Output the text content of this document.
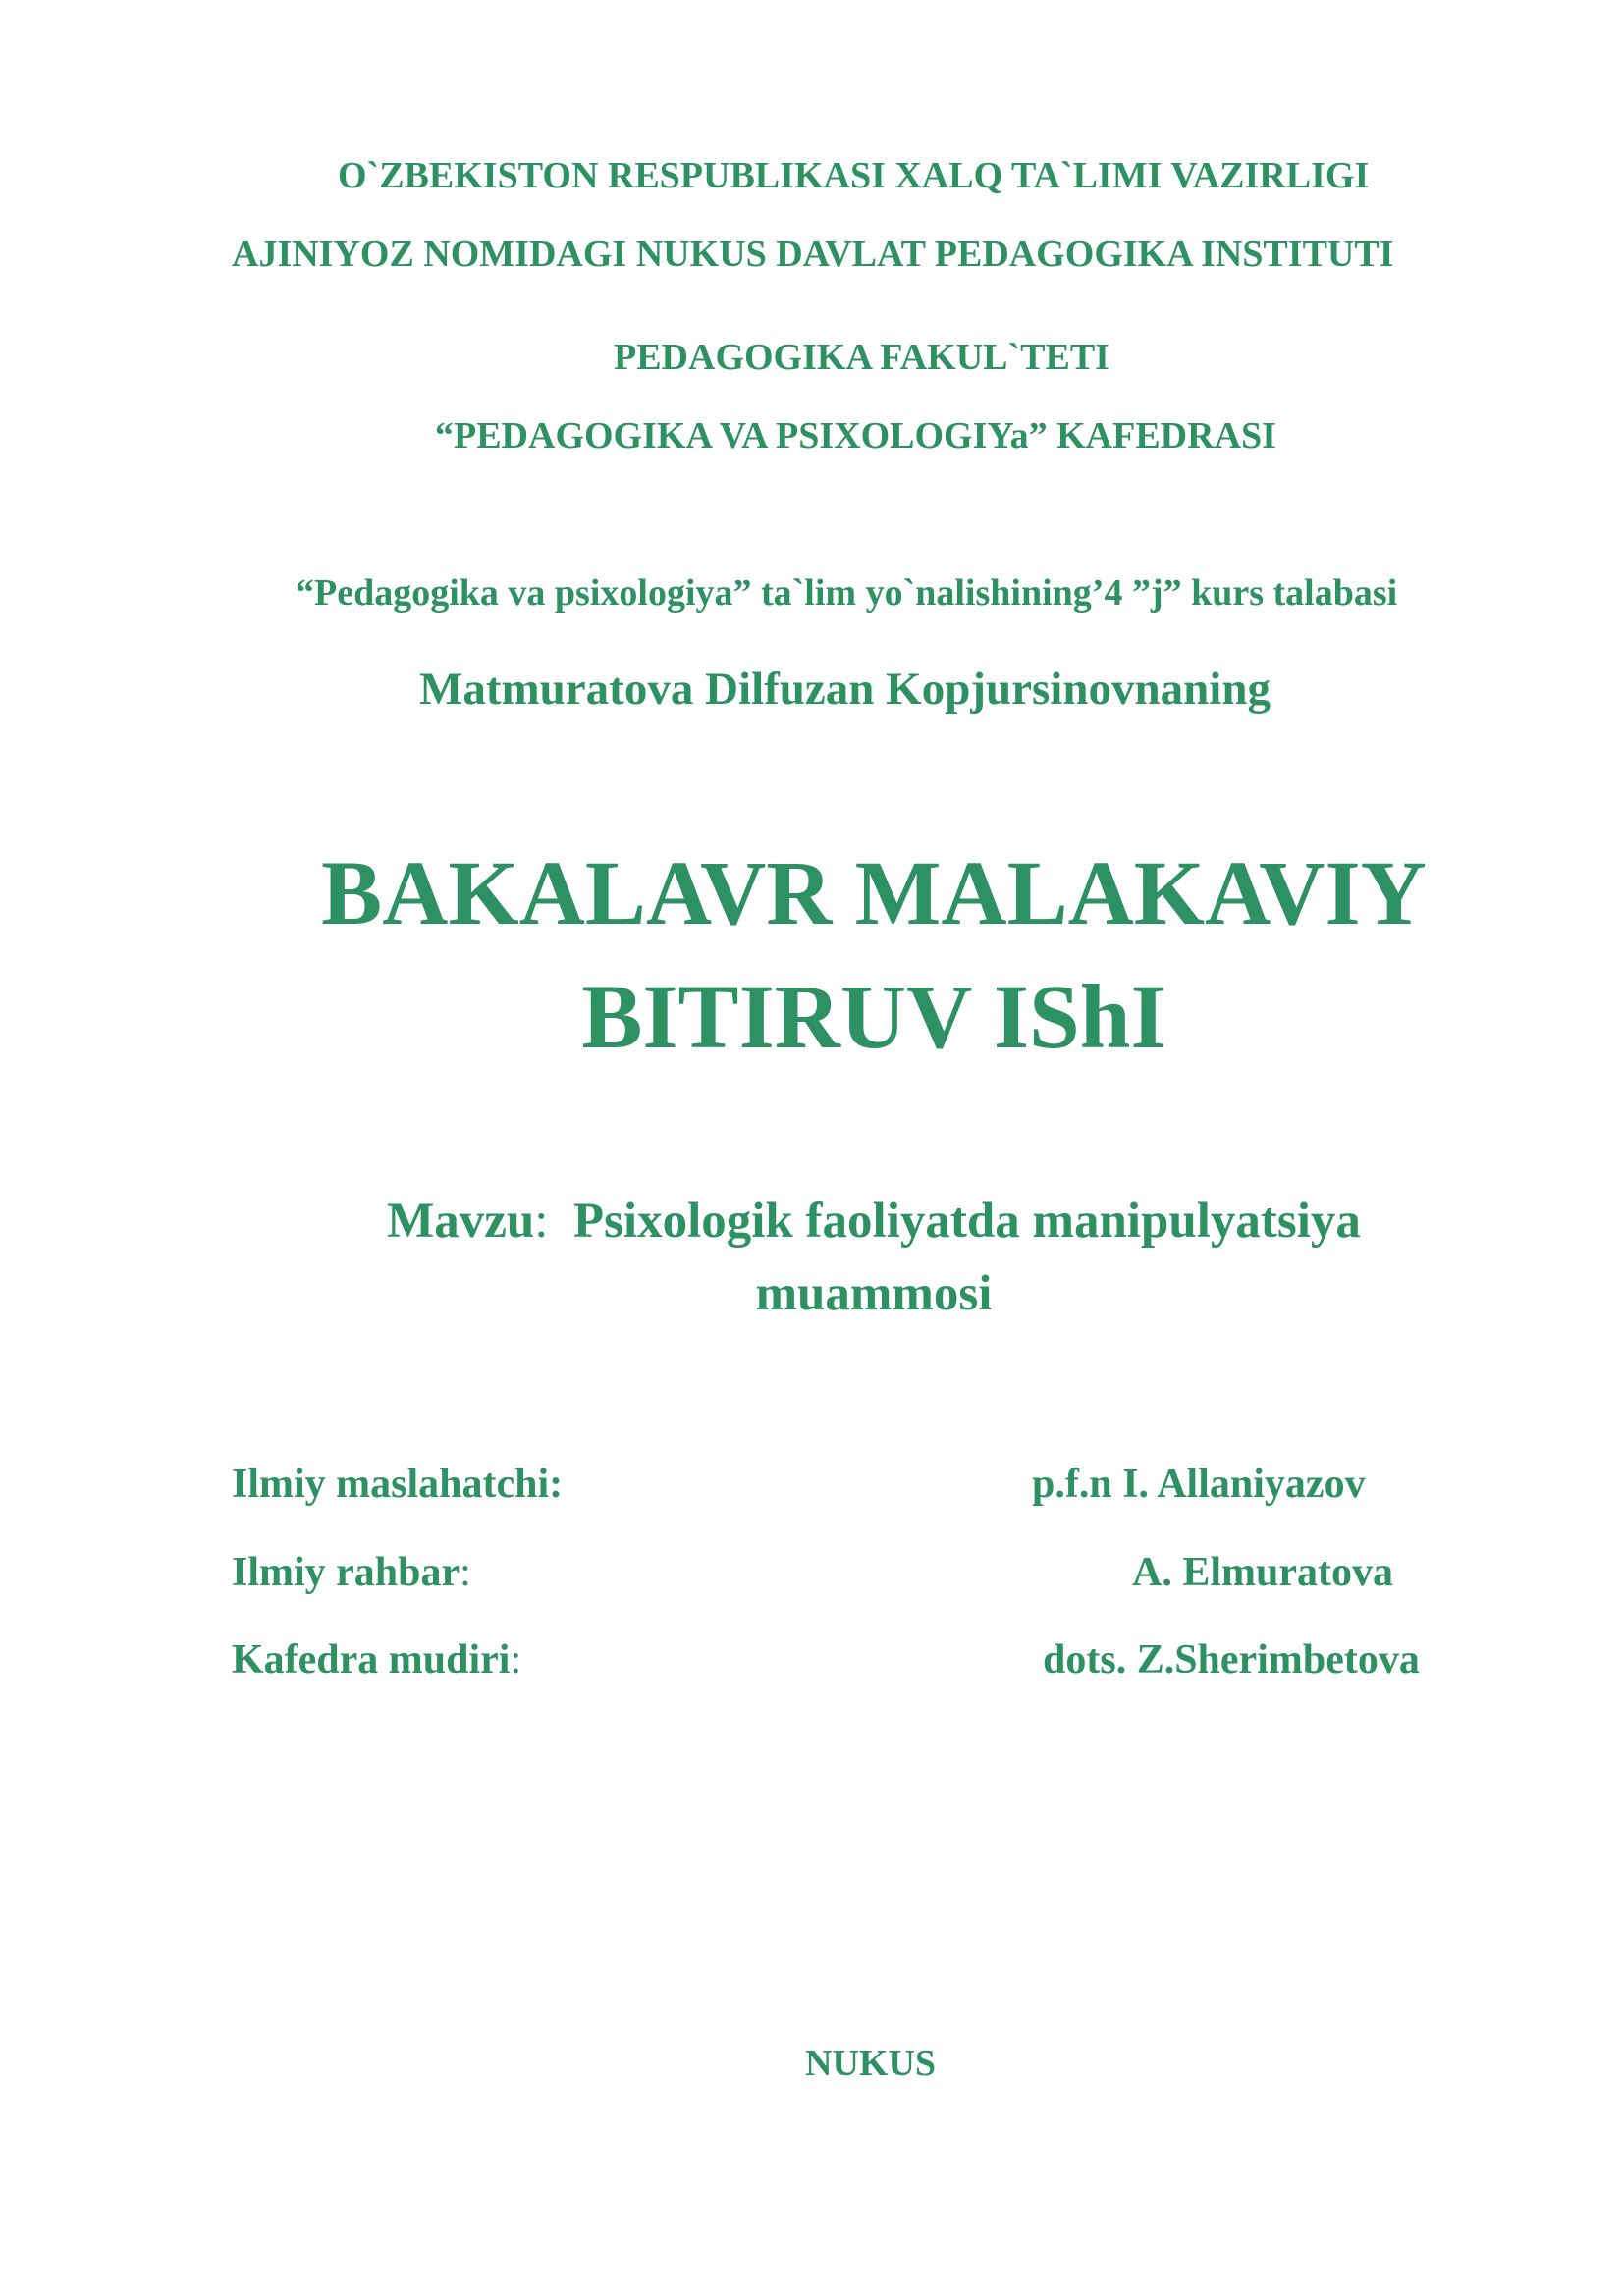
O`ZBEKISTON RESPUBLIKASI XALQ TA`LIMI VAZIRLIGI
AJINIYOZ NOMIDAGI NUKUS DAVLAT PEDAGOGIKA INSTITUTI
PEDAGOGIKA FAKUL`TETI
“PEDAGOGIKA VA PSIXOLOGIYa” KAFEDRASI
“Pedagogika va psixologiya” ta`lim yo`nalishining’4 ”j” kurs talabasi
Matmuratova Dilfuzan Kopjursinovnaning
BAKALAVR MALAKAVIY
BITIRUV IShI
Mavzu: Psixologik faoliyatda manipulyatsiya
muammosi
Ilmiy maslahatchi:	p.f.n I. Allaniyazov
Ilmiy rahbar:	A. Elmuratova
Kafedra mudiri:	dots. Z.Sherimbetova
NUKUS
